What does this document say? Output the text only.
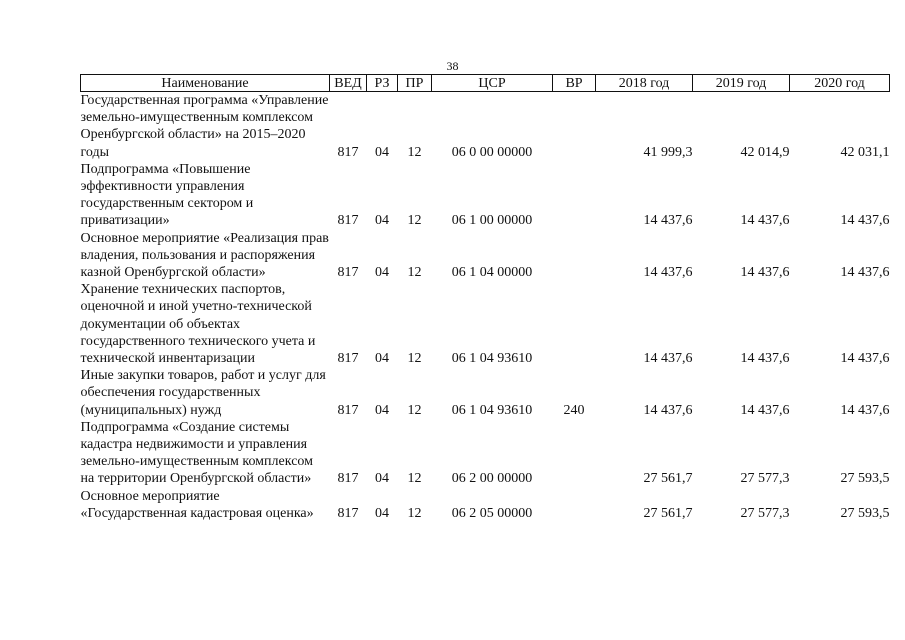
38
Наименование	ВЕД	РЗ	ПР	ЦСР	ВР	2018 год	2019 год	2020 год
Государственная программа «Управление земельно-имущественным комплексом Оренбургской области» на 2015–2020 годы	817	04	12	06 0 00 00000		41 999,3	42 014,9	42 031,1
Подпрограмма «Повышение эффективности управления государственным сектором и приватизации»	817	04	12	06 1 00 00000		14 437,6	14 437,6	14 437,6
Основное мероприятие «Реализация прав владения, пользования и распоряжения казной Оренбургской области»	817	04	12	06 1 04 00000		14 437,6	14 437,6	14 437,6
Хранение технических паспортов, оценочной и иной учетно-технической документации об объектах государственного технического учета и технической инвентаризации	817	04	12	06 1 04 93610		14 437,6	14 437,6	14 437,6
Иные закупки товаров, работ и услуг для обеспечения государственных (муниципальных) нужд	817	04	12	06 1 04 93610	240	14 437,6	14 437,6	14 437,6
Подпрограмма «Создание системы кадастра недвижимости и управления земельно-имущественным комплексом на территории Оренбургской области»	817	04	12	06 2 00 00000		27 561,7	27 577,3	27 593,5
Основное мероприятие «Государственная кадастровая оценка»	817	04	12	06 2 05 00000		27 561,7	27 577,3	27 593,5
